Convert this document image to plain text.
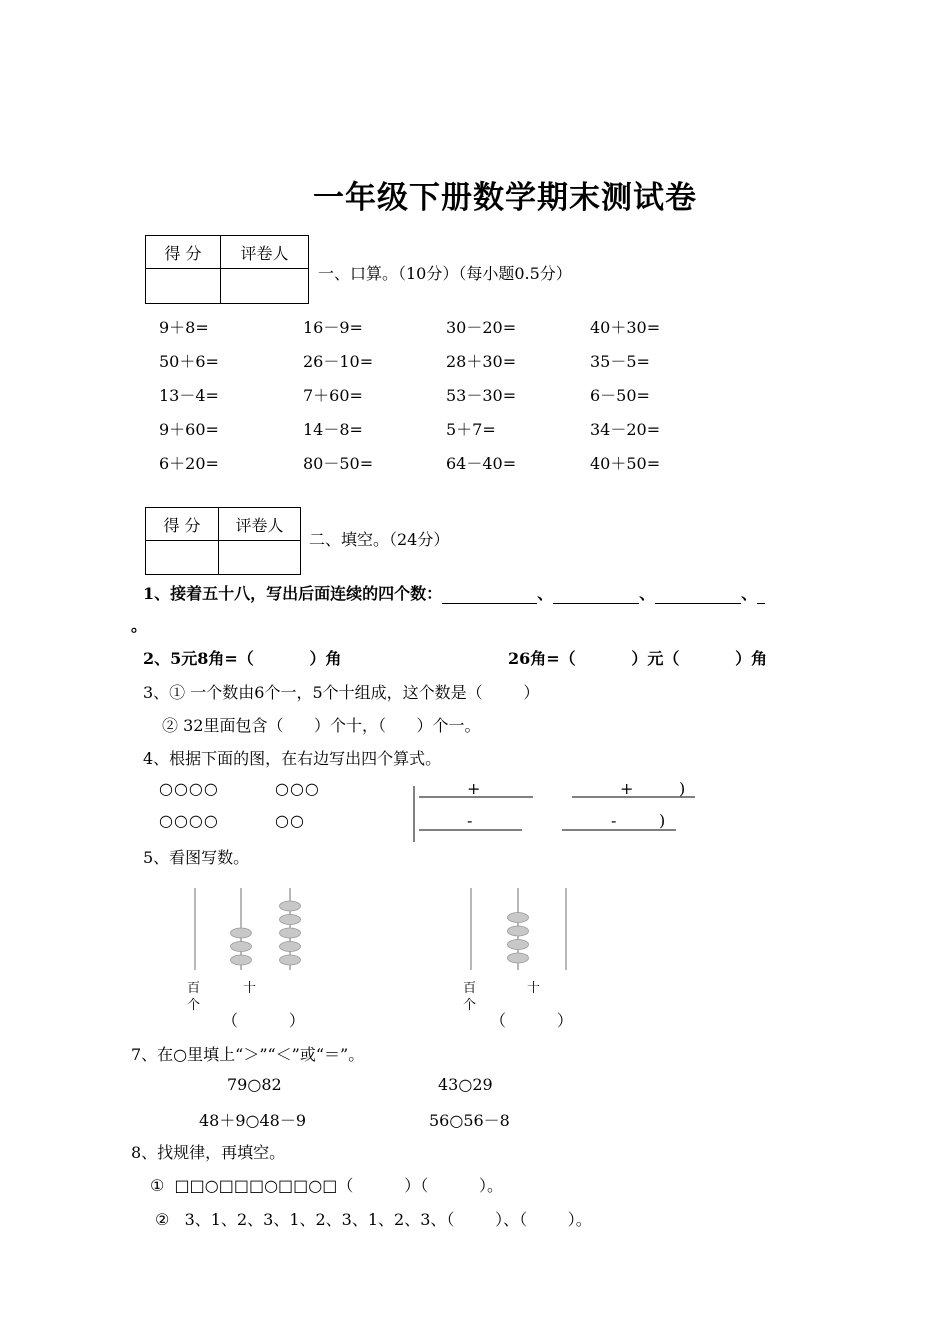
一年级下册数学期末测试卷
得 分	评卷人

一、口算。（10分）（每小题0.5分）
9＋8=	16－9=	30－20=	40＋30=
50＋6=	26－10=	28＋30=	35－5=
13－4=	7＋60=	53－30=	6－50=
9＋60=	14－8=	5＋7=	34－20=
6＋20=	80－50=	64－40=	40＋50=
得 分	评卷人

二、填空。（24分）
1、接着五十八，写出后面连续的四个数：	、	、	、
。
2、5元8角=（          ）角	26角=（          ）元（          ）角
3、① 一个数由6个一，5个十组成，这个数是（        ）
② 32里面包含（      ）个十，（      ）个一。
4、根据下面的图，在右边写出四个算式。
○○○○	○○○
○○○○	○○
+	+	)
-	-	)
5、看图写数。
百
个
十
（          ）
百
个
十
（          ）
7、在○里填上“＞”“＜”或“＝”。
79○82	43○29
48＋9○48－9	56○56－8
8、找规律，再填空。
①  □□○□□□○□□○□（          ）（          ）。
②   3、1、2、3、1、2、3、1、2、3、（        ）、（        ）。
